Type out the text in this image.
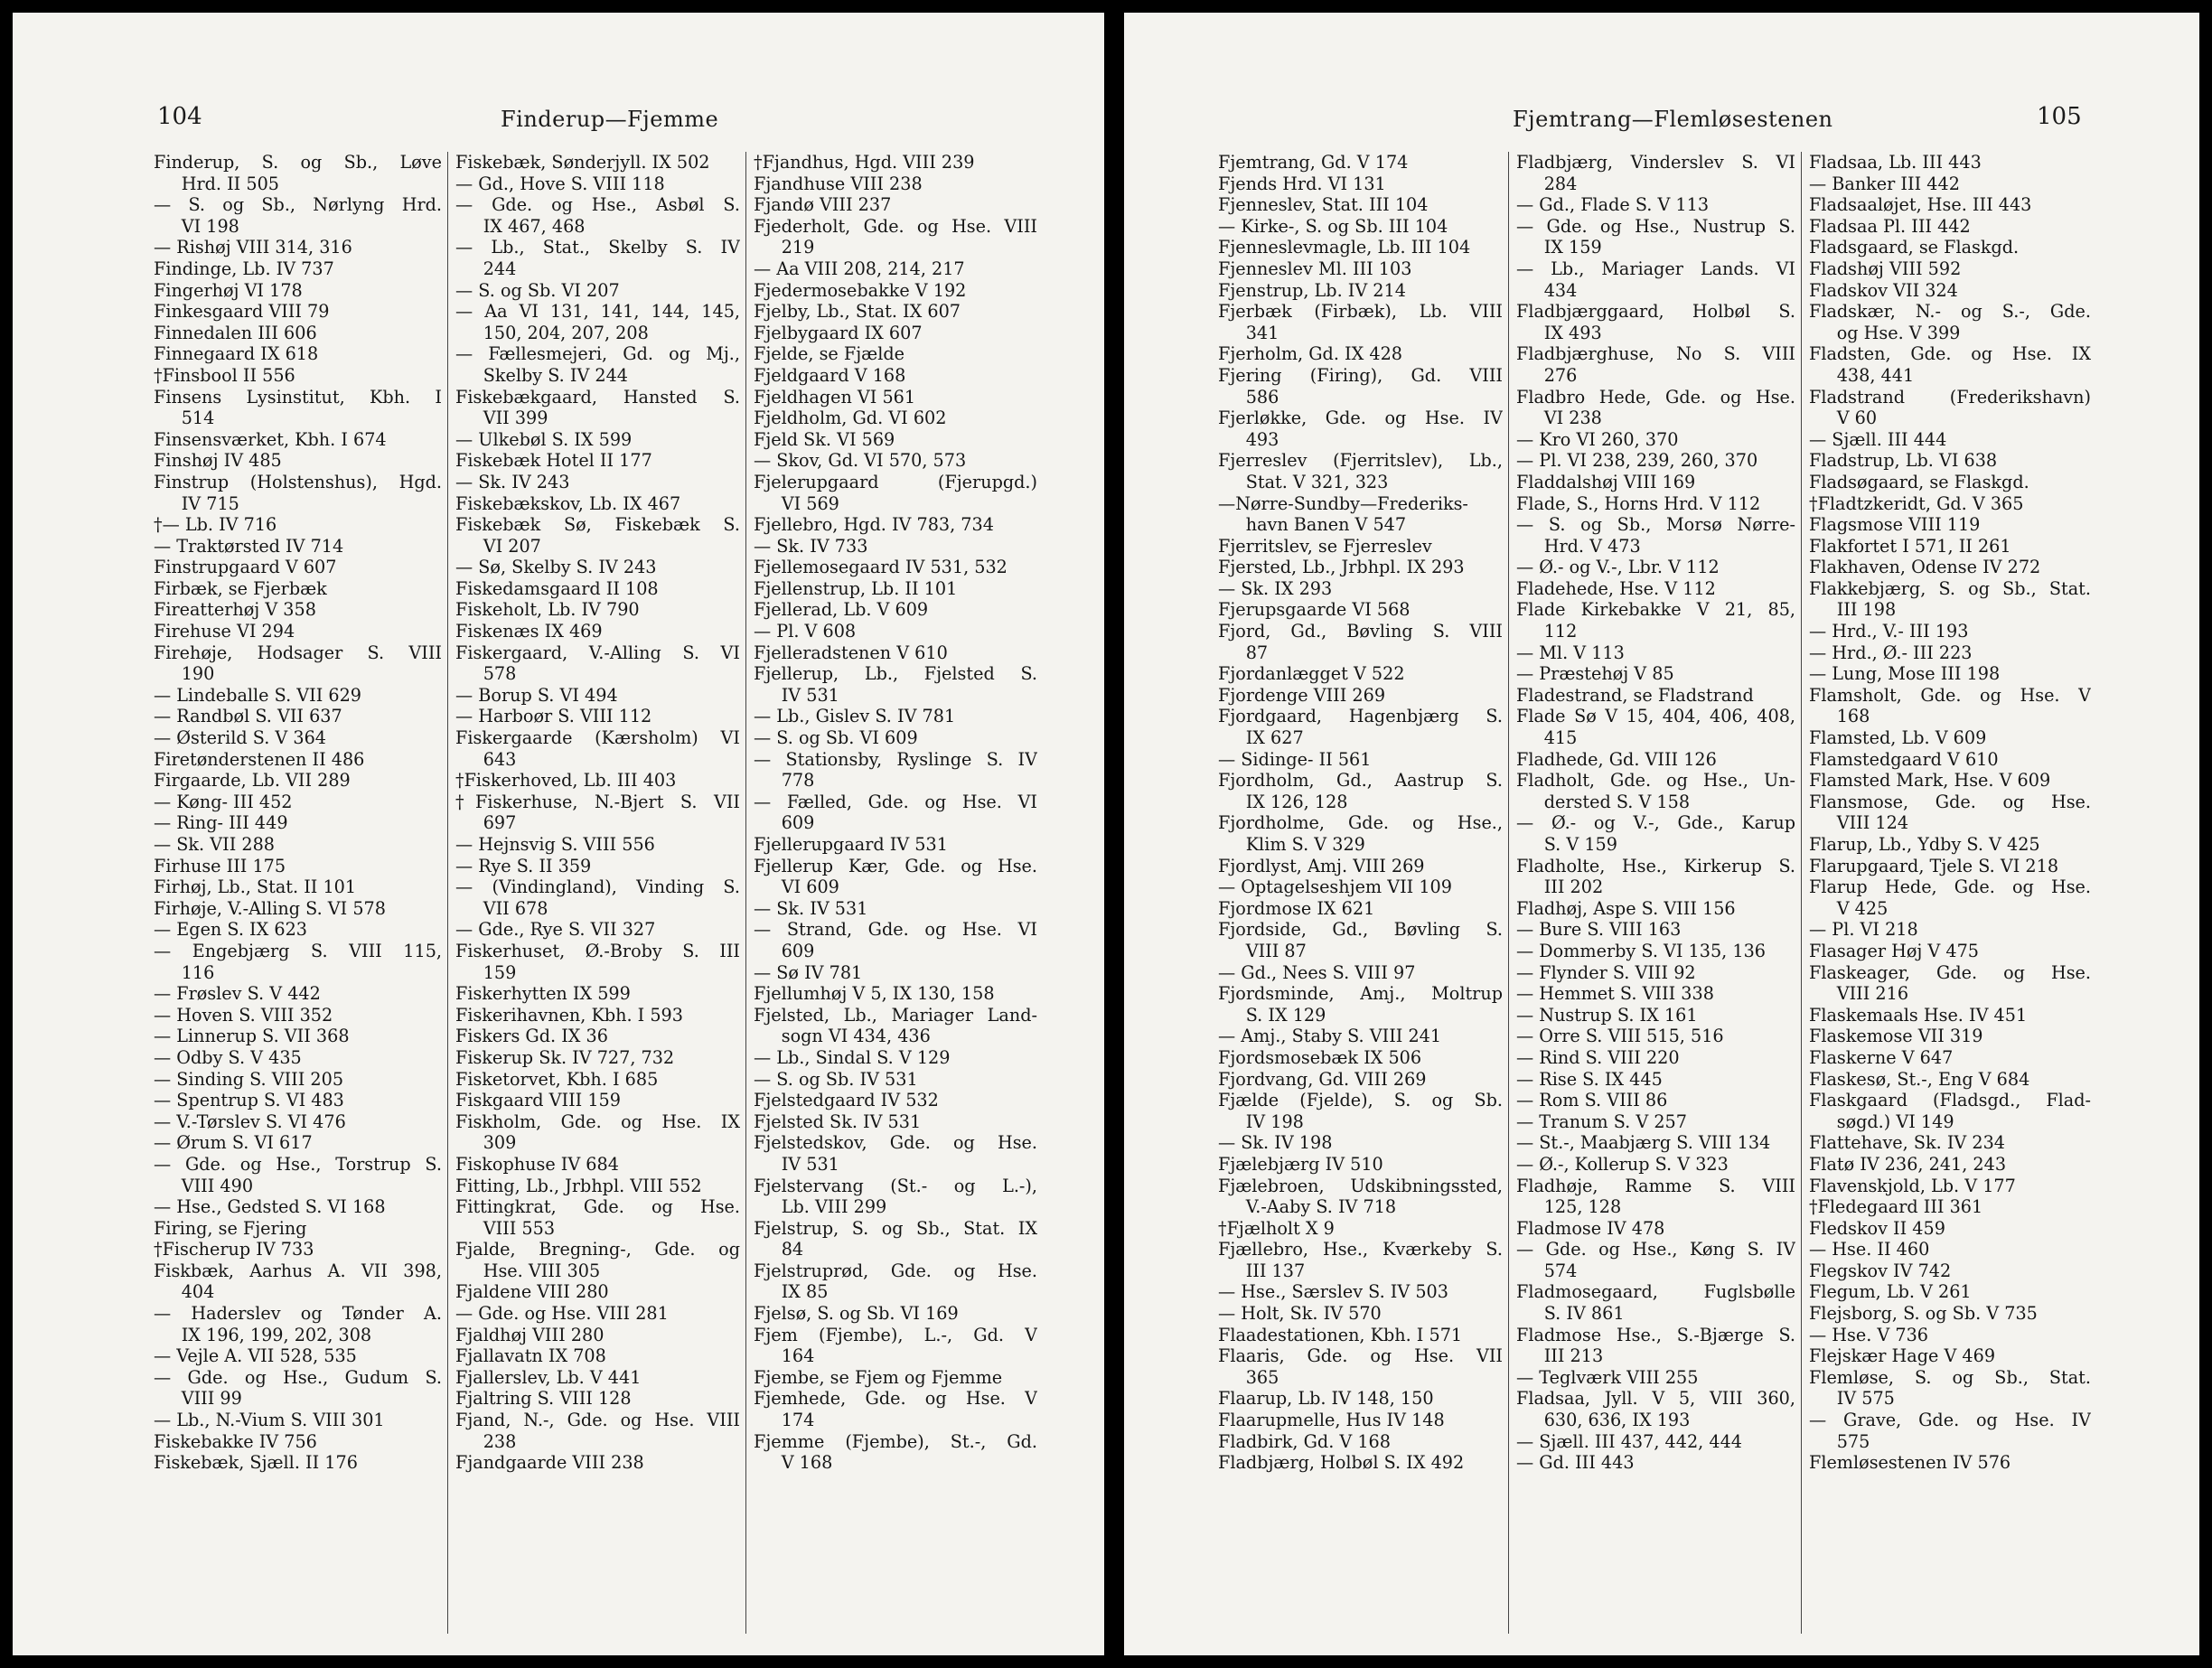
104	Finderup—Fjemme
Finderup, S. og Sb., Løve
Hrd. II 505
— S. og Sb., Nørlyng Hrd.
VI 198
— Rishøj VIII 314, 316
Findinge, Lb. IV 737
Fingerhøj VI 178
Finkesgaard VIII 79
Finnedalen III 606
Finnegaard IX 618
†Finsbool II 556
Finsens Lysinstitut, Kbh. I
514
Finsensværket, Kbh. I 674
Finshøj IV 485
Finstrup (Holstenshus), Hgd.
IV 715
†— Lb. IV 716
— Traktørsted IV 714
Finstrupgaard V 607
Firbæk, se Fjerbæk
Fireatterhøj V 358
Firehuse VI 294
Firehøje, Hodsager S. VIII
190
— Lindeballe S. VII 629
— Randbøl S. VII 637
— Østerild S. V 364
Firetønderstenen II 486
Firgaarde, Lb. VII 289
— Køng- III 452
— Ring- III 449
— Sk. VII 288
Firhuse III 175
Firhøj, Lb., Stat. II 101
Firhøje, V.-Alling S. VI 578
— Egen S. IX 623
— Engebjærg S. VIII 115,
116
— Frøslev S. V 442
— Hoven S. VIII 352
— Linnerup S. VII 368
— Odby S. V 435
— Sinding S. VIII 205
— Spentrup S. VI 483
— V.-Tørslev S. VI 476
— Ørum S. VI 617
— Gde. og Hse., Torstrup S.
VIII 490
— Hse., Gedsted S. VI 168
Firing, se Fjering
†Fischerup IV 733
Fiskbæk, Aarhus A. VII 398,
404
— Haderslev og Tønder A.
IX 196, 199, 202, 308
— Vejle A. VII 528, 535
— Gde. og Hse., Gudum S.
VIII 99
— Lb., N.-Vium S. VIII 301
Fiskebakke IV 756
Fiskebæk, Sjæll. II 176
Fiskebæk, Sønderjyll. IX 502
— Gd., Hove S. VIII 118
— Gde. og Hse., Asbøl S.
IX 467, 468
— Lb., Stat., Skelby S. IV
244
— S. og Sb. VI 207
— Aa VI 131, 141, 144, 145,
150, 204, 207, 208
— Fællesmejeri, Gd. og Mj.,
Skelby S. IV 244
Fiskebækgaard, Hansted S.
VII 399
— Ulkebøl S. IX 599
Fiskebæk Hotel II 177
— Sk. IV 243
Fiskebækskov, Lb. IX 467
Fiskebæk Sø, Fiskebæk S.
VI 207
— Sø, Skelby S. IV 243
Fiskedamsgaard II 108
Fiskeholt, Lb. IV 790
Fiskenæs IX 469
Fiskergaard, V.-Alling S. VI
578
— Borup S. VI 494
— Harboør S. VIII 112
Fiskergaarde (Kærsholm) VI
643
†Fiskerhoved, Lb. III 403
†Fiskerhuse, N.-Bjert S. VII
697
— Hejnsvig S. VIII 556
— Rye S. II 359
— (Vindingland), Vinding S.
VII 678
— Gde., Rye S. VII 327
Fiskerhuset, Ø.-Broby S. III
159
Fiskerhytten IX 599
Fiskerihavnen, Kbh. I 593
Fiskers Gd. IX 36
Fiskerup Sk. IV 727, 732
Fisketorvet, Kbh. I 685
Fiskgaard VIII 159
Fiskholm, Gde. og Hse. IX
309
Fiskophuse IV 684
Fitting, Lb., Jrbhpl. VIII 552
Fittingkrat, Gde. og Hse.
VIII 553
Fjalde, Bregning-, Gde. og
Hse. VIII 305
Fjaldene VIII 280
— Gde. og Hse. VIII 281
Fjaldhøj VIII 280
Fjallavatn IX 708
Fjallerslev, Lb. V 441
Fjaltring S. VIII 128
Fjand, N.-, Gde. og Hse. VIII
238
Fjandgaarde VIII 238
†Fjandhus, Hgd. VIII 239
Fjandhuse VIII 238
Fjandø VIII 237
Fjederholt, Gde. og Hse. VIII
219
— Aa VIII 208, 214, 217
Fjedermosebakke V 192
Fjelby, Lb., Stat. IX 607
Fjelbygaard IX 607
Fjelde, se Fjælde
Fjeldgaard V 168
Fjeldhagen VI 561
Fjeldholm, Gd. VI 602
Fjeld Sk. VI 569
— Skov, Gd. VI 570, 573
Fjelerupgaard (Fjerupgd.)
VI 569
Fjellebro, Hgd. IV 783, 734
— Sk. IV 733
Fjellemosegaard IV 531, 532
Fjellenstrup, Lb. II 101
Fjellerad, Lb. V 609
— Pl. V 608
Fjelleradstenen V 610
Fjellerup, Lb., Fjelsted S.
IV 531
— Lb., Gislev S. IV 781
— S. og Sb. VI 609
— Stationsby, Ryslinge S. IV
778
— Fælled, Gde. og Hse. VI
609
Fjellerupgaard IV 531
Fjellerup Kær, Gde. og Hse.
VI 609
— Sk. IV 531
— Strand, Gde. og Hse. VI
609
— Sø IV 781
Fjellumhøj V 5, IX 130, 158
Fjelsted, Lb., Mariager Land-
sogn VI 434, 436
— Lb., Sindal S. V 129
— S. og Sb. IV 531
Fjelstedgaard IV 532
Fjelsted Sk. IV 531
Fjelstedskov, Gde. og Hse.
IV 531
Fjelstervang (St.- og L.-),
Lb. VIII 299
Fjelstrup, S. og Sb., Stat. IX
84
Fjelstruprød, Gde. og Hse.
IX 85
Fjelsø, S. og Sb. VI 169
Fjem (Fjembe), L.-, Gd. V
164
Fjembe, se Fjem og Fjemme
Fjemhede, Gde. og Hse. V
174
Fjemme (Fjembe), St.-, Gd.
V 168
105
Fjemtrang—Flemløsestenen
Fjemtrang, Gd. V 174
Fjends Hrd. VI 131
Fjenneslev, Stat. III 104
— Kirke-, S. og Sb. III 104
Fjenneslevmagle, Lb. III 104
Fjenneslev Ml. III 103
Fjenstrup, Lb. IV 214
Fjerbæk (Firbæk), Lb. VIII
341
Fjerholm, Gd. IX 428
Fjering (Firing), Gd. VIII
586
Fjerløkke, Gde. og Hse. IV
493
Fjerreslev (Fjerritslev), Lb.,
Stat. V 321, 323
—Nørre-Sundby—Frederiks-
havn Banen V 547
Fjerritslev, se Fjerreslev
Fjersted, Lb., Jrbhpl. IX 293
— Sk. IX 293
Fjerupsgaarde VI 568
Fjord, Gd., Bøvling S. VIII
87
Fjordanlægget V 522
Fjordenge VIII 269
Fjordgaard, Hagenbjærg S.
IX 627
— Sidinge- II 561
Fjordholm, Gd., Aastrup S.
IX 126, 128
Fjordholme, Gde. og Hse.,
Klim S. V 329
Fjordlyst, Amj. VIII 269
— Optagelseshjem VII 109
Fjordmose IX 621
Fjordside, Gd., Bøvling S.
VIII 87
— Gd., Nees S. VIII 97
Fjordsminde, Amj., Moltrup
S. IX 129
— Amj., Staby S. VIII 241
Fjordsmosebæk IX 506
Fjordvang, Gd. VIII 269
Fjælde (Fjelde), S. og Sb.
IV 198
— Sk. IV 198
Fjælebjærg IV 510
Fjælebroen, Udskibningssted,
V.-Aaby S. IV 718
†Fjælholt X 9
Fjællebro, Hse., Kværkeby S.
III 137
— Hse., Særslev S. IV 503
— Holt, Sk. IV 570
Flaadestationen, Kbh. I 571
Flaaris, Gde. og Hse. VII
365
Flaarup, Lb. IV 148, 150
Flaarupmelle, Hus IV 148
Fladbirk, Gd. V 168
Fladbjærg, Holbøl S. IX 492
Fladbjærg, Vinderslev S. VI
284
— Gd., Flade S. V 113
— Gde. og Hse., Nustrup S.
IX 159
— Lb., Mariager Lands. VI
434
Fladbjærggaard, Holbøl S.
IX 493
Fladbjærghuse, No S. VIII
276
Fladbro Hede, Gde. og Hse.
VI 238
— Kro VI 260, 370
— Pl. VI 238, 239, 260, 370
Fladdalshøj VIII 169
Flade, S., Horns Hrd. V 112
— S. og Sb., Morsø Nørre-
Hrd. V 473
— Ø.- og V.-, Lbr. V 112
Fladehede, Hse. V 112
Flade Kirkebakke V 21, 85,
112
— Ml. V 113
— Præstehøj V 85
Fladestrand, se Fladstrand
Flade Sø V 15, 404, 406, 408,
415
Fladhede, Gd. VIII 126
Fladholt, Gde. og Hse., Un-
dersted S. V 158
— Ø.- og V.-, Gde., Karup
S. V 159
Fladholte, Hse., Kirkerup S.
III 202
Fladhøj, Aspe S. VIII 156
— Bure S. VIII 163
— Dommerby S. VI 135, 136
— Flynder S. VIII 92
— Hemmet S. VIII 338
— Nustrup S. IX 161
— Orre S. VIII 515, 516
— Rind S. VIII 220
— Rise S. IX 445
— Rom S. VIII 86
— Tranum S. V 257
— St.-, Maabjærg S. VIII 134
— Ø.-, Kollerup S. V 323
Fladhøje, Ramme S. VIII
125, 128
Fladmose IV 478
— Gde. og Hse., Køng S. IV
574
Fladmosegaard, Fuglsbølle
S. IV 861
Fladmose Hse., S.-Bjærge S.
III 213
— Teglværk VIII 255
Fladsaa, Jyll. V 5, VIII 360,
630, 636, IX 193
— Sjæll. III 437, 442, 444
— Gd. III 443
Fladsaa, Lb. III 443
— Banker III 442
Fladsaaløjet, Hse. III 443
Fladsaa Pl. III 442
Fladsgaard, se Flaskgd.
Fladshøj VIII 592
Fladskov VII 324
Fladskær, N.- og S.-, Gde.
og Hse. V 399
Fladsten, Gde. og Hse. IX
438, 441
Fladstrand (Frederikshavn)
V 60
— Sjæll. III 444
Fladstrup, Lb. VI 638
Fladsøgaard, se Flaskgd.
†Fladtzkeridt, Gd. V 365
Flagsmose VIII 119
Flakfortet I 571, II 261
Flakhaven, Odense IV 272
Flakkebjærg, S. og Sb., Stat.
III 198
— Hrd., V.- III 193
— Hrd., Ø.- III 223
— Lung, Mose III 198
Flamsholt, Gde. og Hse. V
168
Flamsted, Lb. V 609
Flamstedgaard V 610
Flamsted Mark, Hse. V 609
Flansmose, Gde. og Hse.
VIII 124
Flarup, Lb., Ydby S. V 425
Flarupgaard, Tjele S. VI 218
Flarup Hede, Gde. og Hse.
V 425
— Pl. VI 218
Flasager Høj V 475
Flaskeager, Gde. og Hse.
VIII 216
Flaskemaals Hse. IV 451
Flaskemose VII 319
Flaskerne V 647
Flaskesø, St.-, Eng V 684
Flaskgaard (Fladsgd., Flad-
søgd.) VI 149
Flattehave, Sk. IV 234
Flatø IV 236, 241, 243
Flavenskjold, Lb. V 177
†Fledegaard III 361
Fledskov II 459
— Hse. II 460
Flegskov IV 742
Flegum, Lb. V 261
Flejsborg, S. og Sb. V 735
— Hse. V 736
Flejskær Hage V 469
Flemløse, S. og Sb., Stat.
IV 575
— Grave, Gde. og Hse. IV
575
Flemløsestenen IV 576
